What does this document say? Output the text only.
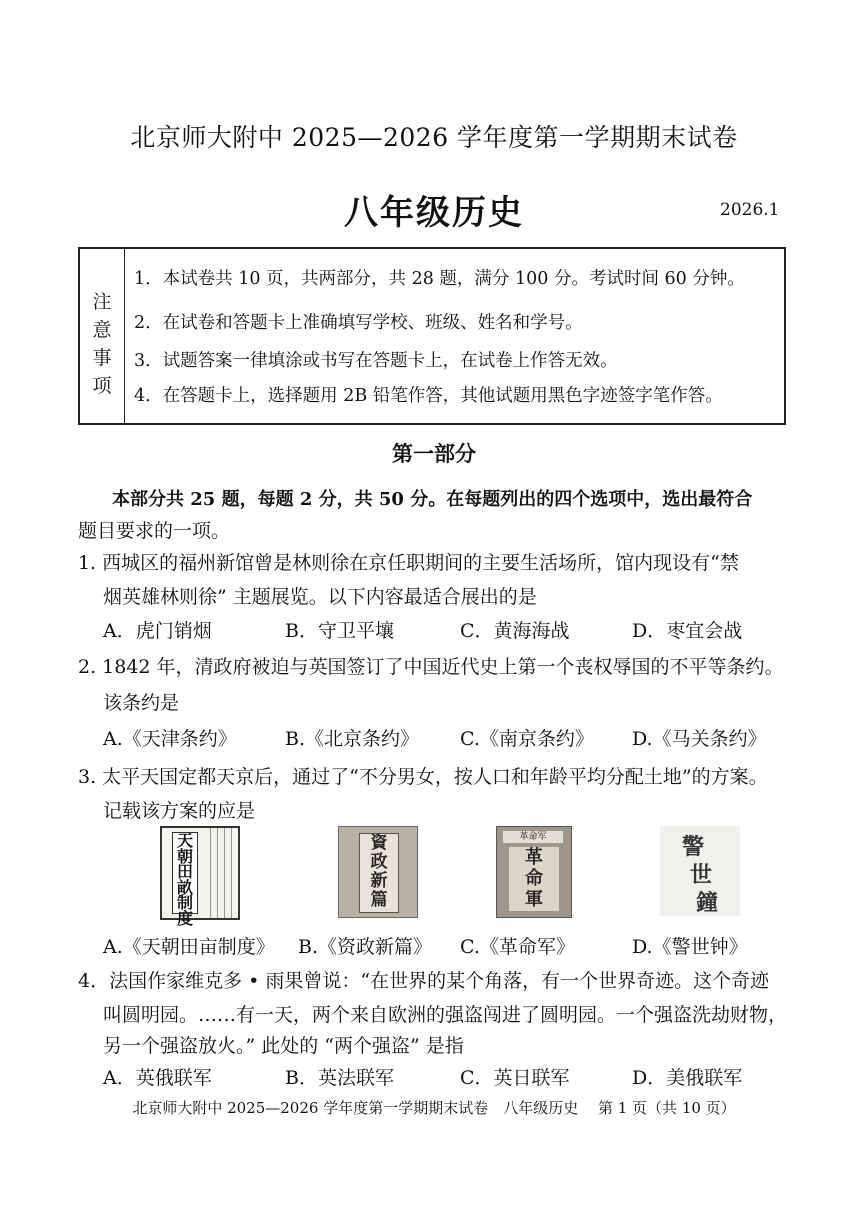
北京师大附中 2025—2026 学年度第一学期期末试卷
八年级历史	2026.1
注
意
事
项
1．本试卷共 10 页，共两部分，共 28 题，满分 100 分。考试时间 60 分钟。
2．在试卷和答题卡上准确填写学校、班级、姓名和学号。
3．试题答案一律填涂或书写在答题卡上，在试卷上作答无效。
4．在答题卡上，选择题用 2B 铅笔作答，其他试题用黑色字迹签字笔作答。
第一部分
本部分共 25 题，每题 2 分，共 50 分。在每题列出的四个选项中，选出最符合
题目要求的一项。
1. 西城区的福州新馆曾是林则徐在京任职期间的主要生活场所，馆内现设有“禁
烟英雄林则徐” 主题展览。以下内容最适合展出的是
A．虎门销烟	B．守卫平壤	C．黄海海战	D．枣宜会战
2. 1842 年，清政府被迫与英国签订了中国近代史上第一个丧权辱国的不平等条约。
该条约是
A.《天津条约》	B.《北京条约》 C.《南京条约》 D.《马关条约》
3. 太平天国定都天京后，通过了“不分男女，按人口和年龄平均分配土地”的方案。
记载该方案的应是
天
朝
田
畝
制
度
資
政
新
篇
革命军
革
命
軍
警
世
鐘
A.《天朝田亩制度》 B.《资政新篇》 C.《革命军》	D.《警世钟》
4．法国作家维克多 • 雨果曾说：“在世界的某个角落，有一个世界奇迹。这个奇迹
叫圆明园。……有一天，两个来自欧洲的强盗闯进了圆明园。一个强盗洗劫财物，
另一个强盗放火。” 此处的 “两个强盗” 是指
A．英俄联军	B．英法联军	C．英日联军	D．美俄联军
北京师大附中 2025—2026 学年度第一学期期末试卷　八年级历史　 第 1 页（共 10 页）
